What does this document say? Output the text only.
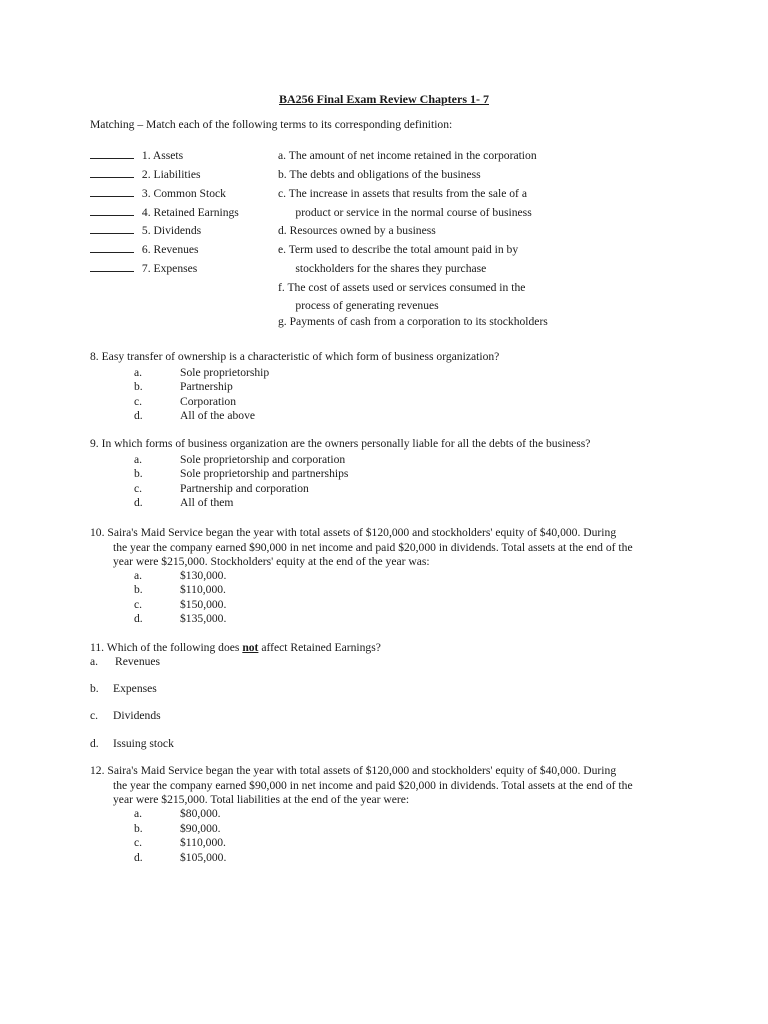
BA256 Final Exam Review Chapters 1- 7
Matching – Match each of the following terms to its corresponding definition:
1. Assets
2. Liabilities
3. Common Stock
4. Retained Earnings
5. Dividends
6. Revenues
7. Expenses
a. The amount of net income retained in the corporation
b. The debts and obligations of the business
c. The increase in assets that results from the sale of a
product or service in the normal course of business
d. Resources owned by a business
e. Term used to describe the total amount paid in by
stockholders for the shares they purchase
f. The cost of assets used or services consumed in the
process of generating revenues
g. Payments of cash from a corporation to its stockholders
8. Easy transfer of ownership is a characteristic of which form of business organization?
a.	Sole proprietorship
b.	Partnership
c.	Corporation
d.	All of the above
9. In which forms of business organization are the owners personally liable for all the debts of the business?
a.	Sole proprietorship and corporation
b.	Sole proprietorship and partnerships
c.	Partnership and corporation
d.	All of them
10. Saira's Maid Service began the year with total assets of $120,000 and stockholders' equity of $40,000. During
the year the company earned $90,000 in net income and paid $20,000 in dividends. Total assets at the end of the
year were $215,000. Stockholders' equity at the end of the year was:
a.	$130,000.
b.	$110,000.
c.	$150,000.
d.	$135,000.
11. Which of the following does not affect Retained Earnings?
a. Revenues
b. Expenses
c. Dividends
d. Issuing stock
12. Saira's Maid Service began the year with total assets of $120,000 and stockholders' equity of $40,000. During
the year the company earned $90,000 in net income and paid $20,000 in dividends. Total assets at the end of the
year were $215,000. Total liabilities at the end of the year were:
a.	$80,000.
b.	$90,000.
c.	$110,000.
d.	$105,000.
